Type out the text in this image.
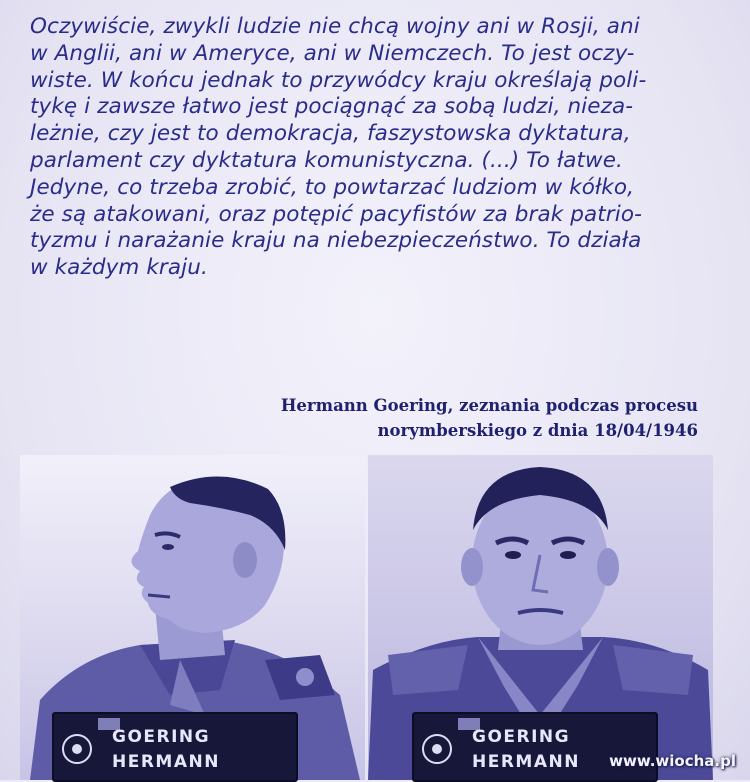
Oczywiście, zwykli ludzie nie chcą wojny ani w Rosji, ani
w Anglii, ani w Ameryce, ani w Niemczech. To jest oczy-
wiste. W końcu jednak to przywódcy kraju określają poli-
tykę i zawsze łatwo jest pociągnąć za sobą ludzi, nieza-
leżnie, czy jest to demokracja, faszystowska dyktatura,
parlament czy dyktatura komunistyczna. (...) To łatwe.
Jedyne, co trzeba zrobić, to powtarzać ludziom w kółko,
że są atakowani, oraz potępić pacyfistów za brak patrio-
tyzmu i narażanie kraju na niebezpieczeństwo. To działa
w każdym kraju.
Hermann Goering, zeznania podczas procesu
norymberskiego z dnia 18/04/1946
GOERING
HERMANN
GOERING
HERMANN www.wiocha.pl
